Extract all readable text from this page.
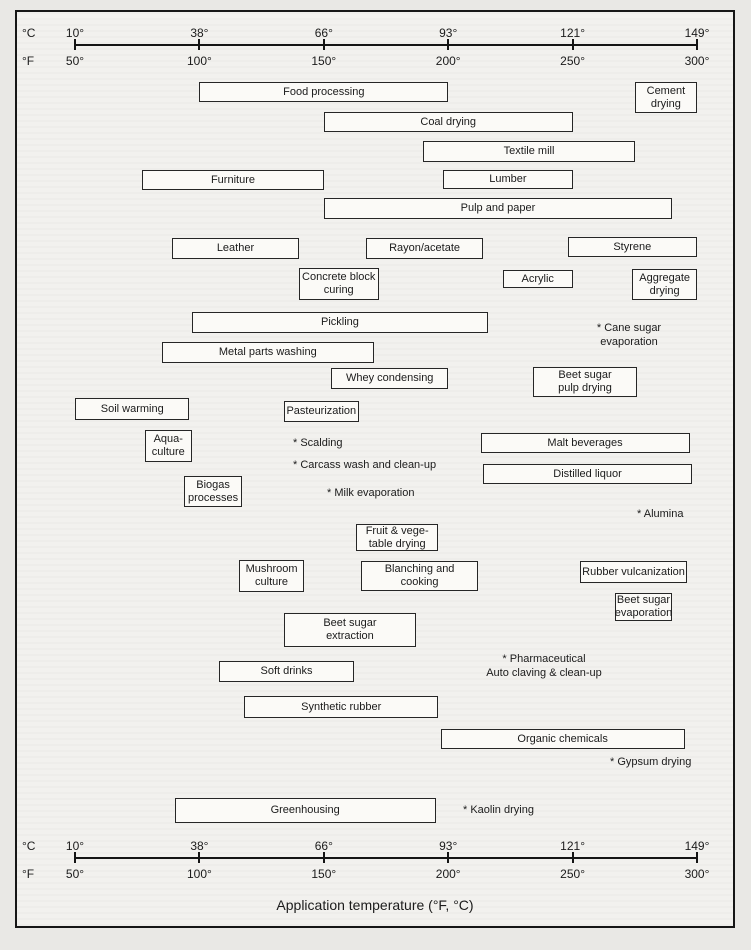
°C
°F
10°
50°
38°
100°
66°
150°
93°
200°
121°
250°
149°
300°
Food processing	Cement
drying
Coal drying
Textile mill
Furniture	Lumber
Pulp and paper
Leather	Rayon/acetate	Styrene
Concrete block
curing
Acrylic	Aggregate
drying
Pickling
Metal parts washing
Whey condensing	Beet sugar
pulp drying
Soil warming	Pasteurization
Aqua-
culture
Malt beverages
Distilled liquor
Biogas
processes
Fruit & vege-
table drying
Mushroom
culture
Blanching and
cooking
Rubber vulcanization
Beet sugar
evaporation
Beet sugar
extraction
Soft drinks
Synthetic rubber
Organic chemicals
Greenhousing
* Cane sugar
evaporation
* Scalding
* Carcass wash and clean-up
* Milk evaporation
* Alumina
* Pharmaceutical
Auto claving & clean-up
* Gypsum drying
* Kaolin drying
°C
°F
10°
50°
38°
100°
66°
150°
93°
200°
121°
250°
149°
300°
Application temperature (°F, °C)
